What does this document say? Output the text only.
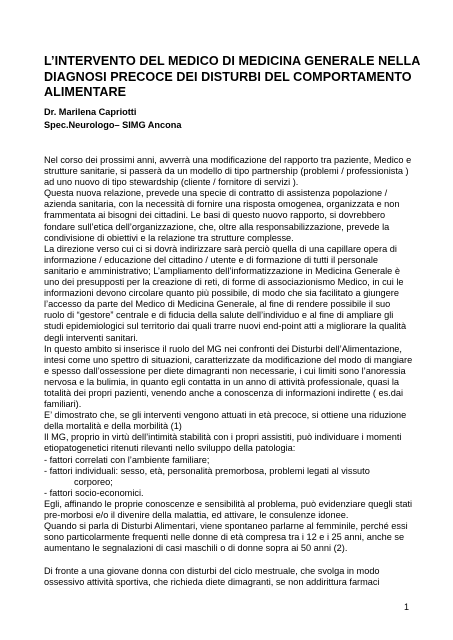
L’INTERVENTO DEL MEDICO DI MEDICINA GENERALE NELLA
DIAGNOSI PRECOCE DEI DISTURBI DEL COMPORTAMENTO
ALIMENTARE
Dr. Marilena Capriotti
Spec.Neurologo– SIMG Ancona
Nel corso dei prossimi anni, avverrà una modificazione del rapporto tra paziente, Medico e
strutture sanitarie, si passerà da un modello di tipo partnership (problemi / professionista )
ad uno nuovo di tipo stewardship (cliente / fornitore di servizi ).
Questa nuova relazione, prevede una specie di contratto di assistenza popolazione /
azienda sanitaria, con la necessità di fornire una risposta omogenea, organizzata e non
frammentata ai bisogni dei cittadini. Le basi di questo nuovo rapporto, si dovrebbero
fondare sull’etica dell’organizzazione, che, oltre alla responsabilizzazione, prevede la
condivisione di obiettivi e la relazione tra strutture complesse.
La direzione verso cui ci si dovrà indirizzare sarà perciò quella di una capillare opera di
informazione / educazione del cittadino / utente e di formazione di tutti il personale
sanitario e amministrativo; L’ampliamento dell’informatizzazione in Medicina Generale è
uno dei presupposti per la creazione di reti, di forme di associazionismo Medico, in cui le
informazioni devono circolare quanto più possibile, di modo che sia facilitato a giungere
l’accesso da parte del Medico di Medicina Generale, al fine di rendere possibile il suo
ruolo di “gestore” centrale e di fiducia della salute dell’individuo e al fine di ampliare gli
studi epidemiologici sul territorio dai quali trarre nuovi end-point atti a migliorare la qualità
degli interventi sanitari.
In questo ambito si inserisce il ruolo del MG nei confronti dei Disturbi dell’Alimentazione,
intesi come uno spettro di situazioni, caratterizzate da modificazione del modo di mangiare
e spesso dall’ossessione per diete dimagranti non necessarie, i cui limiti sono l’anoressia
nervosa e la bulimia, in quanto egli contatta in un anno di attività professionale, quasi la
totalità dei propri pazienti, venendo anche a conoscenza di informazioni indirette ( es.dai
familiari).
E’ dimostrato che, se gli interventi vengono attuati in età precoce, si ottiene una riduzione
della mortalità e della morbilità (1)
Il MG, proprio in virtù dell’intimità stabilità con i propri assistiti, può individuare i momenti
etiopatogenetici ritenuti rilevanti nello sviluppo della patologia:
- fattori correlati con l’ambiente familiare;
- fattori individuali: sesso, età, personalità premorbosa, problemi legati al vissuto
corporeo;
- fattori socio-economici.
Egli, affinando le proprie conoscenze e sensibilità al problema, può evidenziare quegli stati
pre-morbosi e/o il divenire della malattia, ed attivare, le consulenze idonee.
Quando si parla di Disturbi Alimentari, viene spontaneo parlarne al femminile, perché essi
sono particolarmente frequenti nelle donne di età compresa tra i 12 e i 25 anni, anche se
aumentano le segnalazioni di casi maschili o di donne sopra ai 50 anni (2).
Di fronte a una giovane donna con disturbi del ciclo mestruale, che svolga in modo
ossessivo attività sportiva, che richieda diete dimagranti, se non addirittura farmaci
1
